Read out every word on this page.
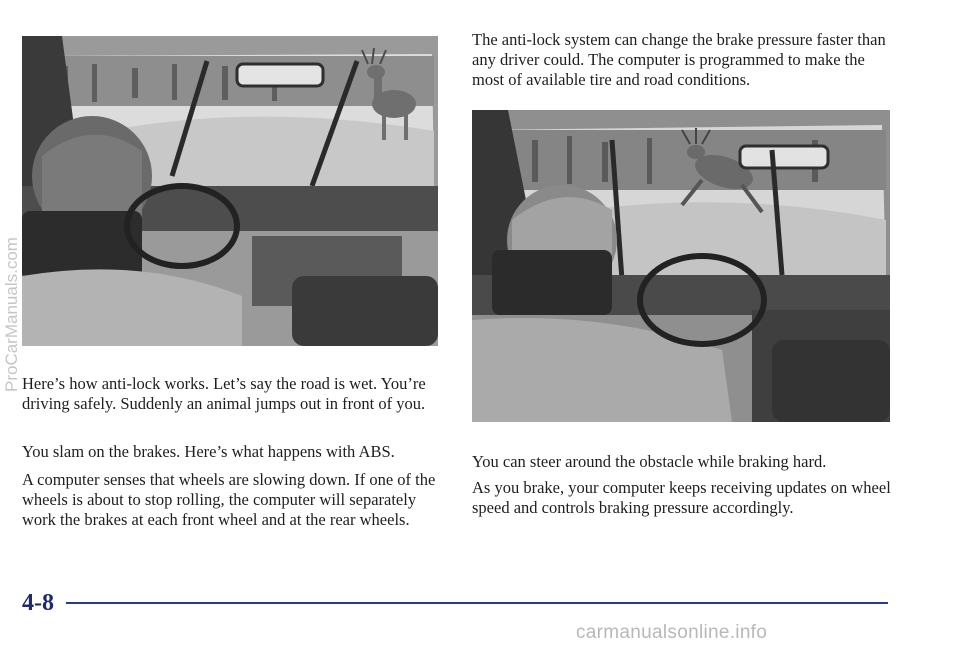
Here’s how anti-lock works. Let’s say the road is wet. You’re driving safely. Suddenly an animal jumps out in front of you.

You slam on the brakes. Here’s what happens with ABS.

A computer senses that wheels are slowing down. If one of the wheels is about to stop rolling, the computer will separately work the brakes at each front wheel and at the rear wheels.

The anti-lock system can change the brake pressure faster than any driver could. The computer is programmed to make the most of available tire and road conditions.

You can steer around the obstacle while braking hard.

As you brake, your computer keeps receiving updates on wheel speed and controls braking pressure accordingly.

4-8
ProCarManuals.com
carmanualsonline.info
